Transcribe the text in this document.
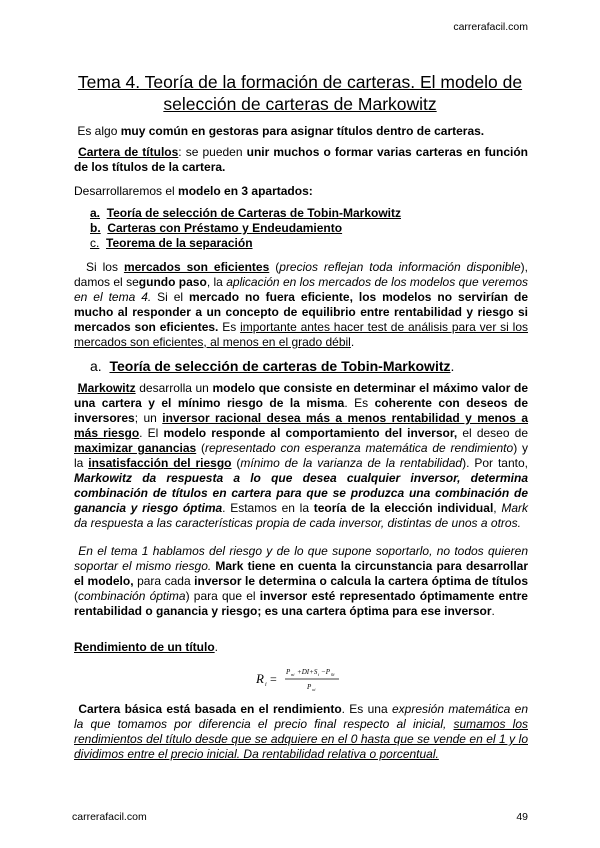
carrerafacil.com
Tema 4. Teoría de la formación de carteras. El modelo de selección de carteras de Markowitz
Es algo muy común en gestoras para asignar títulos dentro de carteras.
Cartera de títulos: se pueden unir muchos o formar varias carteras en función de los títulos de la cartera.
Desarrollaremos el modelo en 3 apartados:
a. Teoría de selección de Carteras de Tobin-Markowitz
b. Carteras con Préstamo y Endeudamiento
c. Teorema de la separación
Si los mercados son eficientes (precios reflejan toda información disponible), damos el segundo paso, la aplicación en los mercados de los modelos que veremos en el tema 4. Si el mercado no fuera eficiente, los modelos no servirían de mucho al responder a un concepto de equilibrio entre rentabilidad y riesgo si mercados son eficientes. Es importante antes hacer test de análisis para ver si los mercados son eficientes, al menos en el grado débil.
a. Teoría de selección de carteras de Tobin-Markowitz.
Markowitz desarrolla un modelo que consiste en determinar el máximo valor de una cartera y el mínimo riesgo de la misma. Es coherente con deseos de inversores; un inversor racional desea más a menos rentabilidad y menos a más riesgo. El modelo responde al comportamiento del inversor, el deseo de maximizar ganancias (representado con esperanza matemática de rendimiento) y la insatisfacción del riesgo (mínimo de la varianza de la rentabilidad). Por tanto, Markowitz da respuesta a lo que desea cualquier inversor, determina combinación de títulos en cartera para que se produzca una combinación de ganancia y riesgo óptima. Estamos en la teoría de la elección individual, Mark da respuesta a las características propia de cada inversor, distintas de unos a otros.
En el tema 1 hablamos del riesgo y de lo que supone soportarlo, no todos quieren soportar el mismo riesgo. Mark tiene en cuenta la circunstancia para desarrollar el modelo, para cada inversor le determina o calcula la cartera óptima de títulos (combinación óptima) para que el inversor esté representado óptimamente entre rentabilidad o ganancia y riesgo; es una cartera óptima para ese inversor.
Rendimiento de un título.
R i = P ni +DI+S i −P 0i
P oi
Cartera básica está basada en el rendimiento. Es una expresión matemática en la que tomamos por diferencia el precio final respecto al inicial, sumamos los rendimientos del título desde que se adquiere en el 0 hasta que se vende en el 1 y lo dividimos entre el precio inicial. Da rentabilidad relativa o porcentual.
carrerafacil.com	49
